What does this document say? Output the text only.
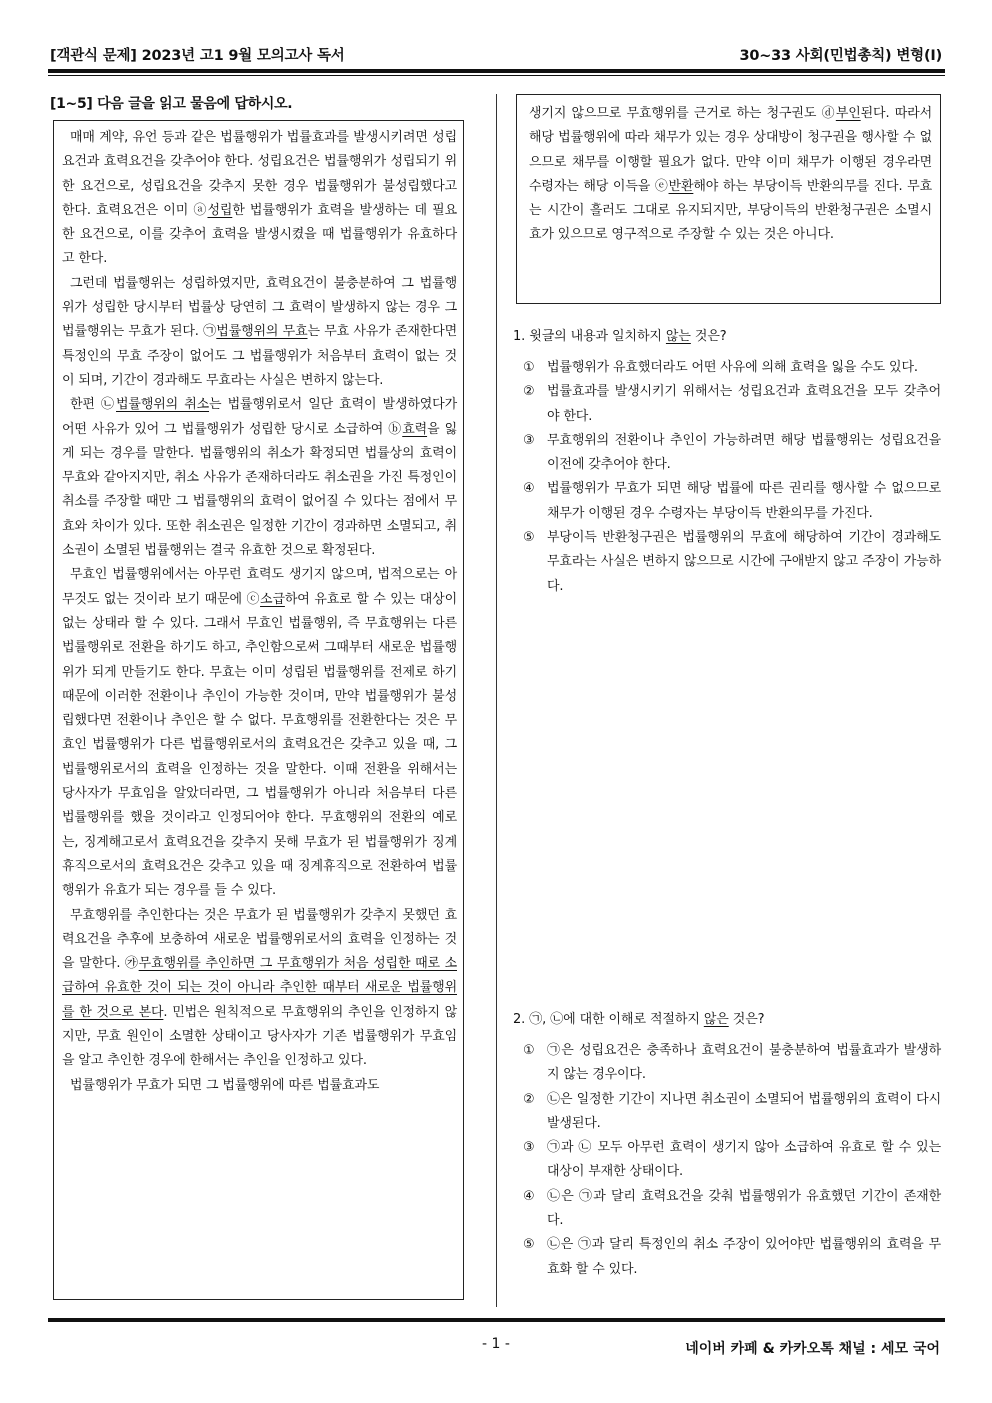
[객관식 문제] 2023년 고1 9월 모의고사 독서	30~33 사회(민법총칙) 변형(I)
[1~5] 다음 글을 읽고 물음에 답하시오.

매매 계약, 유언 등과 같은 법률행위가 법률효과를 발생시키려면 성립요건과 효력요건을 갖추어야 한다. 성립요건은 법률행위가 성립되기 위한 요건으로, 성립요건을 갖추지 못한 경우 법률행위가 불성립했다고 한다. 효력요건은 이미 ⓐ성립한 법률행위가 효력을 발생하는 데 필요한 요건으로, 이를 갖추어 효력을 발생시켰을 때 법률행위가 유효하다고 한다.

그런데 법률행위는 성립하였지만, 효력요건이 불충분하여 그 법률행위가 성립한 당시부터 법률상 당연히 그 효력이 발생하지 않는 경우 그 법률행위는 무효가 된다. ㉠법률행위의 무효는 무효 사유가 존재한다면 특정인의 무효 주장이 없어도 그 법률행위가 처음부터 효력이 없는 것이 되며, 기간이 경과해도 무효라는 사실은 변하지 않는다.

한편 ㉡법률행위의 취소는 법률행위로서 일단 효력이 발생하였다가 어떤 사유가 있어 그 법률행위가 성립한 당시로 소급하여 ⓑ효력을 잃게 되는 경우를 말한다. 법률행위의 취소가 확정되면 법률상의 효력이 무효와 같아지지만, 취소 사유가 존재하더라도 취소권을 가진 특정인이 취소를 주장할 때만 그 법률행위의 효력이 없어질 수 있다는 점에서 무효와 차이가 있다. 또한 취소권은 일정한 기간이 경과하면 소멸되고, 취소권이 소멸된 법률행위는 결국 유효한 것으로 확정된다.

무효인 법률행위에서는 아무런 효력도 생기지 않으며, 법적으로는 아무것도 없는 것이라 보기 때문에 ⓒ소급하여 유효로 할 수 있는 대상이 없는 상태라 할 수 있다. 그래서 무효인 법률행위, 즉 무효행위는 다른 법률행위로 전환을 하기도 하고, 추인함으로써 그때부터 새로운 법률행위가 되게 만들기도 한다. 무효는 이미 성립된 법률행위를 전제로 하기 때문에 이러한 전환이나 추인이 가능한 것이며, 만약 법률행위가 불성립했다면 전환이나 추인은 할 수 없다. 무효행위를 전환한다는 것은 무효인 법률행위가 다른 법률행위로서의 효력요건은 갖추고 있을 때, 그 법률행위로서의 효력을 인정하는 것을 말한다. 이때 전환을 위해서는 당사자가 무효임을 알았더라면, 그 법률행위가 아니라 처음부터 다른 법률행위를 했을 것이라고 인정되어야 한다. 무효행위의 전환의 예로는, 징계해고로서 효력요건을 갖추지 못해 무효가 된 법률행위가 징계휴직으로서의 효력요건은 갖추고 있을 때 징계휴직으로 전환하여 법률행위가 유효가 되는 경우를 들 수 있다.

무효행위를 추인한다는 것은 무효가 된 법률행위가 갖추지 못했던 효력요건을 추후에 보충하여 새로운 법률행위로서의 효력을 인정하는 것을 말한다. ㉮무효행위를 추인하면 그 무효행위가 처음 성립한 때로 소급하여 유효한 것이 되는 것이 아니라 추인한 때부터 새로운 법률행위를 한 것으로 본다. 민법은 원칙적으로 무효행위의 추인을 인정하지 않지만, 무효 원인이 소멸한 상태이고 당사자가 기존 법률행위가 무효임을 알고 추인한 경우에 한해서는 추인을 인정하고 있다.

법률행위가 무효가 되면 그 법률행위에 따른 법률효과도

생기지 않으므로 무효행위를 근거로 하는 청구권도 ⓓ부인된다. 따라서 해당 법률행위에 따라 채무가 있는 경우 상대방이 청구권을 행사할 수 없으므로 채무를 이행할 필요가 없다. 만약 이미 채무가 이행된 경우라면 수령자는 해당 이득을 ⓔ반환해야 하는 부당이득 반환의무를 진다. 무효는 시간이 흘러도 그대로 유지되지만, 부당이득의 반환청구권은 소멸시효가 있으므로 영구적으로 주장할 수 있는 것은 아니다.

1. 윗글의 내용과 일치하지 않는 것은?
① 법률행위가 유효했더라도 어떤 사유에 의해 효력을 잃을 수도 있다.
② 법률효과를 발생시키기 위해서는 성립요건과 효력요건을 모두 갖추어야 한다.
③ 무효행위의 전환이나 추인이 가능하려면 해당 법률행위는 성립요건을 이전에 갖추어야 한다.
④ 법률행위가 무효가 되면 해당 법률에 따른 권리를 행사할 수 없으므로 채무가 이행된 경우 수령자는 부당이득 반환의무를 가진다.
⑤ 부당이득 반환청구권은 법률행위의 무효에 해당하여 기간이 경과해도 무효라는 사실은 변하지 않으므로 시간에 구애받지 않고 주장이 가능하다.
2. ㉠, ㉡에 대한 이해로 적절하지 않은 것은?
① ㉠은 성립요건은 충족하나 효력요건이 불충분하여 법률효과가 발생하지 않는 경우이다.
② ㉡은 일정한 기간이 지나면 취소권이 소멸되어 법률행위의 효력이 다시 발생된다.
③ ㉠과 ㉡ 모두 아무런 효력이 생기지 않아 소급하여 유효로 할 수 있는 대상이 부재한 상태이다.
④ ㉡은 ㉠과 달리 효력요건을 갖춰 법률행위가 유효했던 기간이 존재한다.
⑤ ㉡은 ㉠과 달리 특정인의 취소 주장이 있어야만 법률행위의 효력을 무효화 할 수 있다.
- 1 -	네이버 카페 & 카카오톡 채널 : 세모 국어
